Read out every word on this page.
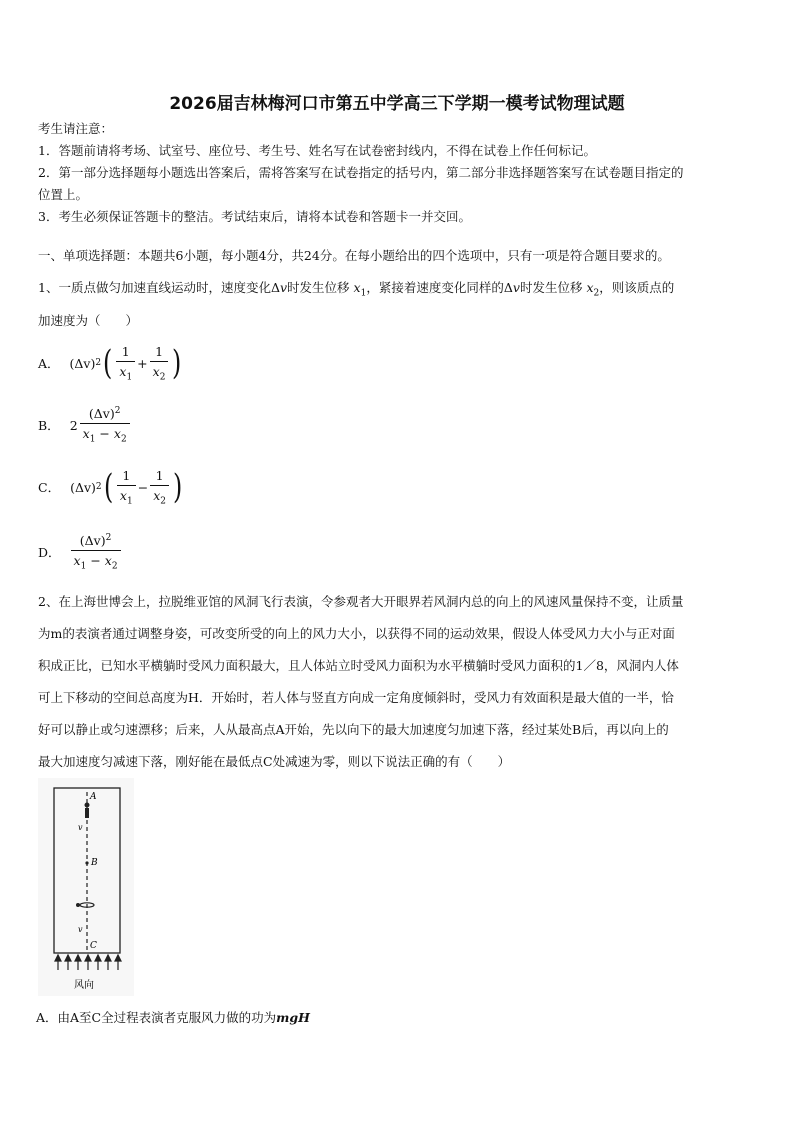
2026届吉林梅河口市第五中学高三下学期一模考试物理试题
考生请注意：
1．答题前请将考场、试室号、座位号、考生号、姓名写在试卷密封线内，不得在试卷上作任何标记。
2．第一部分选择题每小题选出答案后，需将答案写在试卷指定的括号内，第二部分非选择题答案写在试卷题目指定的
位置上。
3．考生必须保证答题卡的整洁。考试结束后，请将本试卷和答题卡一并交回。
一、单项选择题：本题共6小题，每小题4分，共24分。在每小题给出的四个选项中，只有一项是符合题目要求的。
1、一质点做匀加速直线运动时，速度变化Δv时发生位移 $x_1$，紧接着速度变化同样的Δv时发生位移 $x_2$，则该质点的
加速度为（　　）
A． (Δv) 2 ( $\frac{1}{x_1} + \frac{1}{x_2}$ )
B． $2 \frac{(\Delta v)^2}{x_1 - x_2}$
C． (Δv) 2 ( $\frac{1}{x_1} - \frac{1}{x_2}$ )
D． $\frac{(\Delta v)^2}{x_1 - x_2}$
2、在上海世博会上，拉脱维亚馆的风洞飞行表演，令参观者大开眼界若风洞内总的向上的风速风量保持不变，让质量
为m的表演者通过调整身姿，可改变所受的向上的风力大小，以获得不同的运动效果，假设人体受风力大小与正对面
积成正比，已知水平横躺时受风力面积最大，且人体站立时受风力面积为水平横躺时受风力面积的1／8，风洞内人体
可上下移动的空间总高度为H．开始时，若人体与竖直方向成一定角度倾斜时，受风力有效面积是最大值的一半，恰
好可以静止或匀速漂移；后来，人从最高点A开始，先以向下的最大加速度匀加速下落，经过某处B后，再以向上的
最大加速度匀减速下落，刚好能在最低点C处减速为零，则以下说法正确的有（　　）
A
B
C
v
v
风向
A．由A至C全过程表演者克服风力做的功为mgH
